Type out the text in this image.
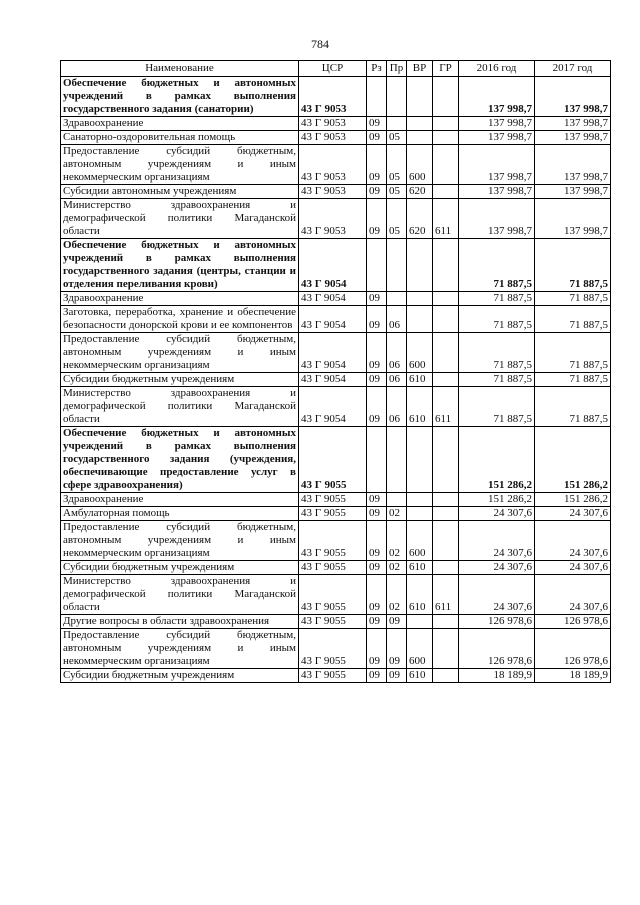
784
Наименование	ЦСР	Рз	Пр	ВР	ГР	2016 год	2017 год
Обеспечение бюджетных и автономных учреждений в рамках выполнения государственного задания (санатории)	43 Г 9053					137 998,7	137 998,7
Здравоохранение	43 Г 9053	09				137 998,7	137 998,7
Санаторно-оздоровительная помощь	43 Г 9053	09	05			137 998,7	137 998,7
Предоставление субсидий бюджетным, автономным учреждениям и иным некоммерческим организациям	43 Г 9053	09	05	600		137 998,7	137 998,7
Субсидии автономным учреждениям	43 Г 9053	09	05	620		137 998,7	137 998,7
Министерство здравоохранения и демографической политики Магаданской области	43 Г 9053	09	05	620	611	137 998,7	137 998,7
Обеспечение бюджетных и автономных учреждений в рамках выполнения государственного задания (центры, станции и отделения переливания крови)	43 Г 9054					71 887,5	71 887,5
Здравоохранение	43 Г 9054	09				71 887,5	71 887,5
Заготовка, переработка, хранение и обеспечение безопасности донорской крови и ее компонентов	43 Г 9054	09	06			71 887,5	71 887,5
Предоставление субсидий бюджетным, автономным учреждениям и иным некоммерческим организациям	43 Г 9054	09	06	600		71 887,5	71 887,5
Субсидии бюджетным учреждениям	43 Г 9054	09	06	610		71 887,5	71 887,5
Министерство здравоохранения и демографической политики Магаданской области	43 Г 9054	09	06	610	611	71 887,5	71 887,5
Обеспечение бюджетных и автономных учреждений в рамках выполнения государственного задания (учреждения, обеспечивающие предоставление услуг в сфере здравоохранения)	43 Г 9055					151 286,2	151 286,2
Здравоохранение	43 Г 9055	09				151 286,2	151 286,2
Амбулаторная помощь	43 Г 9055	09	02			24 307,6	24 307,6
Предоставление субсидий бюджетным, автономным учреждениям и иным некоммерческим организациям	43 Г 9055	09	02	600		24 307,6	24 307,6
Субсидии бюджетным учреждениям	43 Г 9055	09	02	610		24 307,6	24 307,6
Министерство здравоохранения и демографической политики Магаданской области	43 Г 9055	09	02	610	611	24 307,6	24 307,6
Другие вопросы в области здравоохранения	43 Г 9055	09	09			126 978,6	126 978,6
Предоставление субсидий бюджетным, автономным учреждениям и иным некоммерческим организациям	43 Г 9055	09	09	600		126 978,6	126 978,6
Субсидии бюджетным учреждениям	43 Г 9055	09	09	610		18 189,9	18 189,9
